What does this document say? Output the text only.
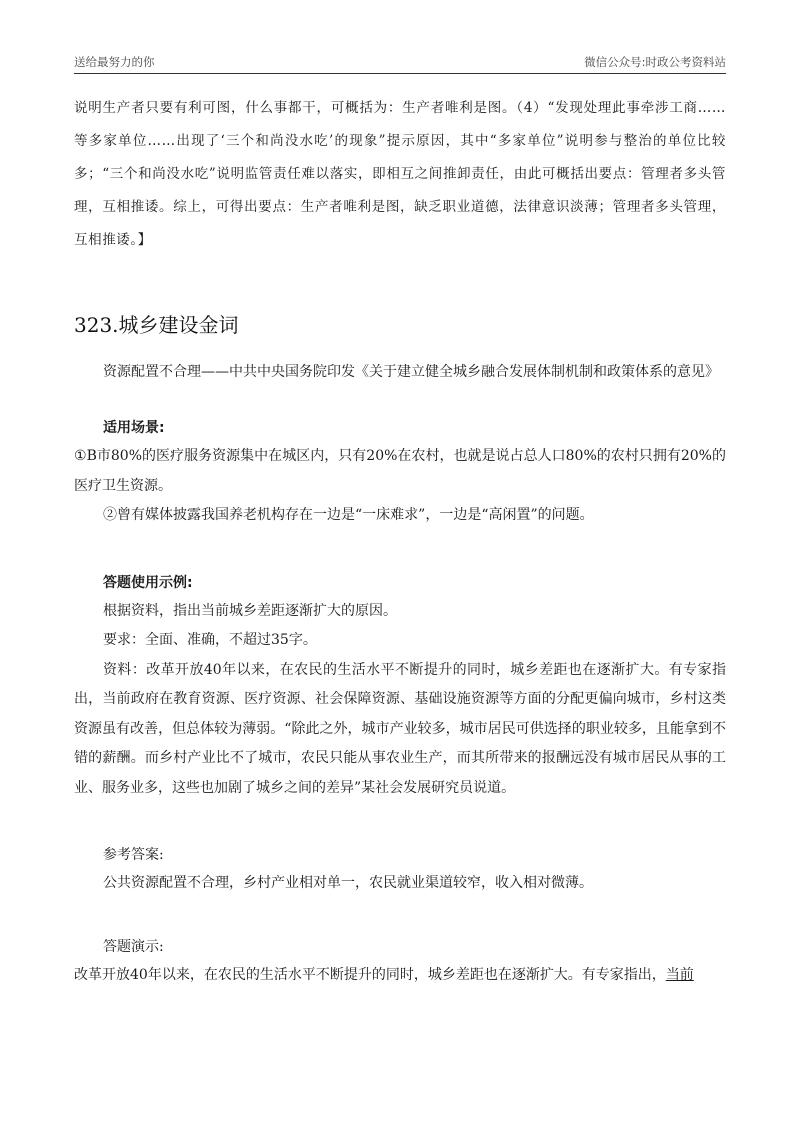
送给最努力的你	微信公众号:时政公考资料站

说明生产者只要有利可图，什么事都干，可概括为：生产者唯利是图。（4）“发现处理此事牵涉工商……等多家单位……出现了‘三个和尚没水吃’的现象”提示原因，其中“多家单位”说明参与整治的单位比较多；“三个和尚没水吃”说明监管责任难以落实，即相互之间推卸责任，由此可概括出要点：管理者多头管理，互相推诿。综上，可得出要点：生产者唯利是图，缺乏职业道德，法律意识淡薄；管理者多头管理，互相推诿。】

323.城乡建设金词

资源配置不合理——中共中央国务院印发《关于建立健全城乡融合发展体制机制和政策体系的意见》

适用场景:

①B市80%的医疗服务资源集中在城区内，只有20%在农村，也就是说占总人口80%的农村只拥有20%的医疗卫生资源。

②曾有媒体披露我国养老机构存在一边是“一床难求”，一边是“高闲置”的问题。

答题使用示例:

根据资料，指出当前城乡差距逐渐扩大的原因。

要求：全面、准确，不超过35字。

资料：改革开放40年以来，在农民的生活水平不断提升的同时，城乡差距也在逐渐扩大。有专家指出，当前政府在教育资源、医疗资源、社会保障资源、基础设施资源等方面的分配更偏向城市，乡村这类资源虽有改善，但总体较为薄弱。“除此之外，城市产业较多，城市居民可供选择的职业较多，且能拿到不错的薪酬。而乡村产业比不了城市，农民只能从事农业生产，而其所带来的报酬远没有城市居民从事的工业、服务业多，这些也加剧了城乡之间的差异”某社会发展研究员说道。

参考答案:

公共资源配置不合理，乡村产业相对单一，农民就业渠道较窄，收入相对微薄。

答题演示:

改革开放40年以来，在农民的生活水平不断提升的同时，城乡差距也在逐渐扩大。有专家指出，当前
